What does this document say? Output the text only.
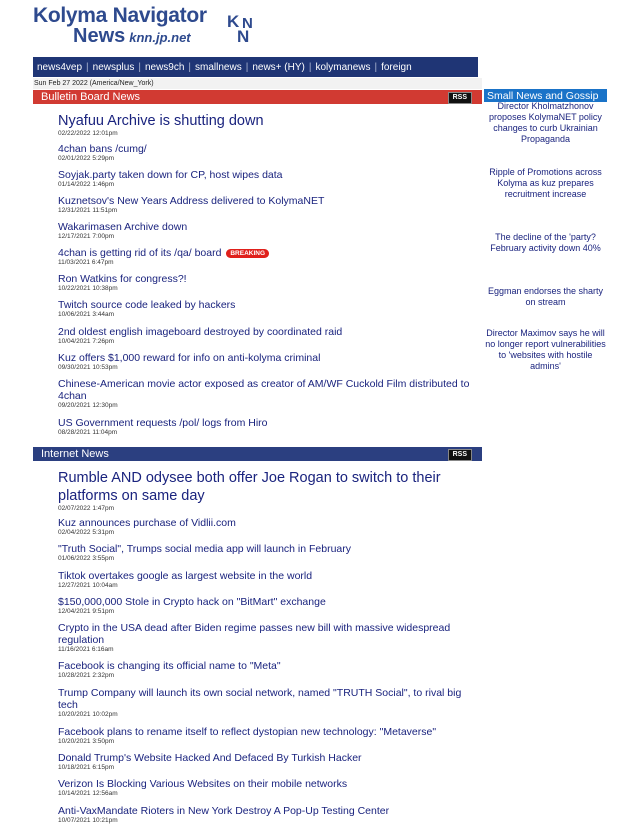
Kolyma Navigator
News knn.jp.net
K
N
N
news4vep | newsplus | news9ch | smallnews | news+ (HY) | kolymanews | foreign
Sun Feb 27 2022 (America/New_York)
Bulletin Board News	RSS
Nyafuu Archive is shutting down
02/22/2022 12:01pm
4chan bans /cumg/
02/01/2022 5:29pm
Soyjak.party taken down for CP, host wipes data
01/14/2022 1:46pm
Kuznetsov's New Years Address delivered to KolymaNET
12/31/2021 11:51pm
Wakarimasen Archive down
12/17/2021 7:00pm
4chan is getting rid of its /qa/ board BREAKING
11/03/2021 6:47pm
Ron Watkins for congress?!
10/22/2021 10:38pm
Twitch source code leaked by hackers
10/06/2021 3:44am
2nd oldest english imageboard destroyed by coordinated raid
10/04/2021 7:26pm
Kuz offers $1,000 reward for info on anti-kolyma criminal
09/30/2021 10:53pm
Chinese-American movie actor exposed as creator of AM/WF Cuckold Film distributed to 4chan
09/20/2021 12:30pm
US Government requests /pol/ logs from Hiro
08/28/2021 11:04pm
Internet News	RSS
Rumble AND odysee both offer Joe Rogan to switch to their platforms on same day
02/07/2022 1:47pm
Kuz announces purchase of Vidlii.com
02/04/2022 5:31pm
"Truth Social", Trumps social media app will launch in February
01/06/2022 3:55pm
Tiktok overtakes google as largest website in the world
12/27/2021 10:04am
$150,000,000 Stole in Crypto hack on "BitMart" exchange
12/04/2021 9:51pm
Crypto in the USA dead after Biden regime passes new bill with massive widespread regulation
11/16/2021 6:16am
Facebook is changing its official name to "Meta"
10/28/2021 2:32pm
Trump Company will launch its own social network, named "TRUTH Social", to rival big tech
10/20/2021 10:02pm
Facebook plans to rename itself to reflect dystopian new technology: "Metaverse"
10/20/2021 3:50pm
Donald Trump's Website Hacked And Defaced By Turkish Hacker
10/18/2021 6:15pm
Verizon Is Blocking Various Websites on their mobile networks
10/14/2021 12:56am
Anti-VaxMandate Rioters in New York Destroy A Pop-Up Testing Center
10/07/2021 10:21pm
Small News and Gossip
Director Kholmatzhonov proposes KolymaNET policy changes to curb Ukrainian Propaganda
Ripple of Promotions across Kolyma as kuz prepares recruitment increase
The decline of the 'party? February activity down 40%
Eggman endorses the sharty on stream
Director Maximov says he will no longer report vulnerabilities to 'websites with hostile admins'
